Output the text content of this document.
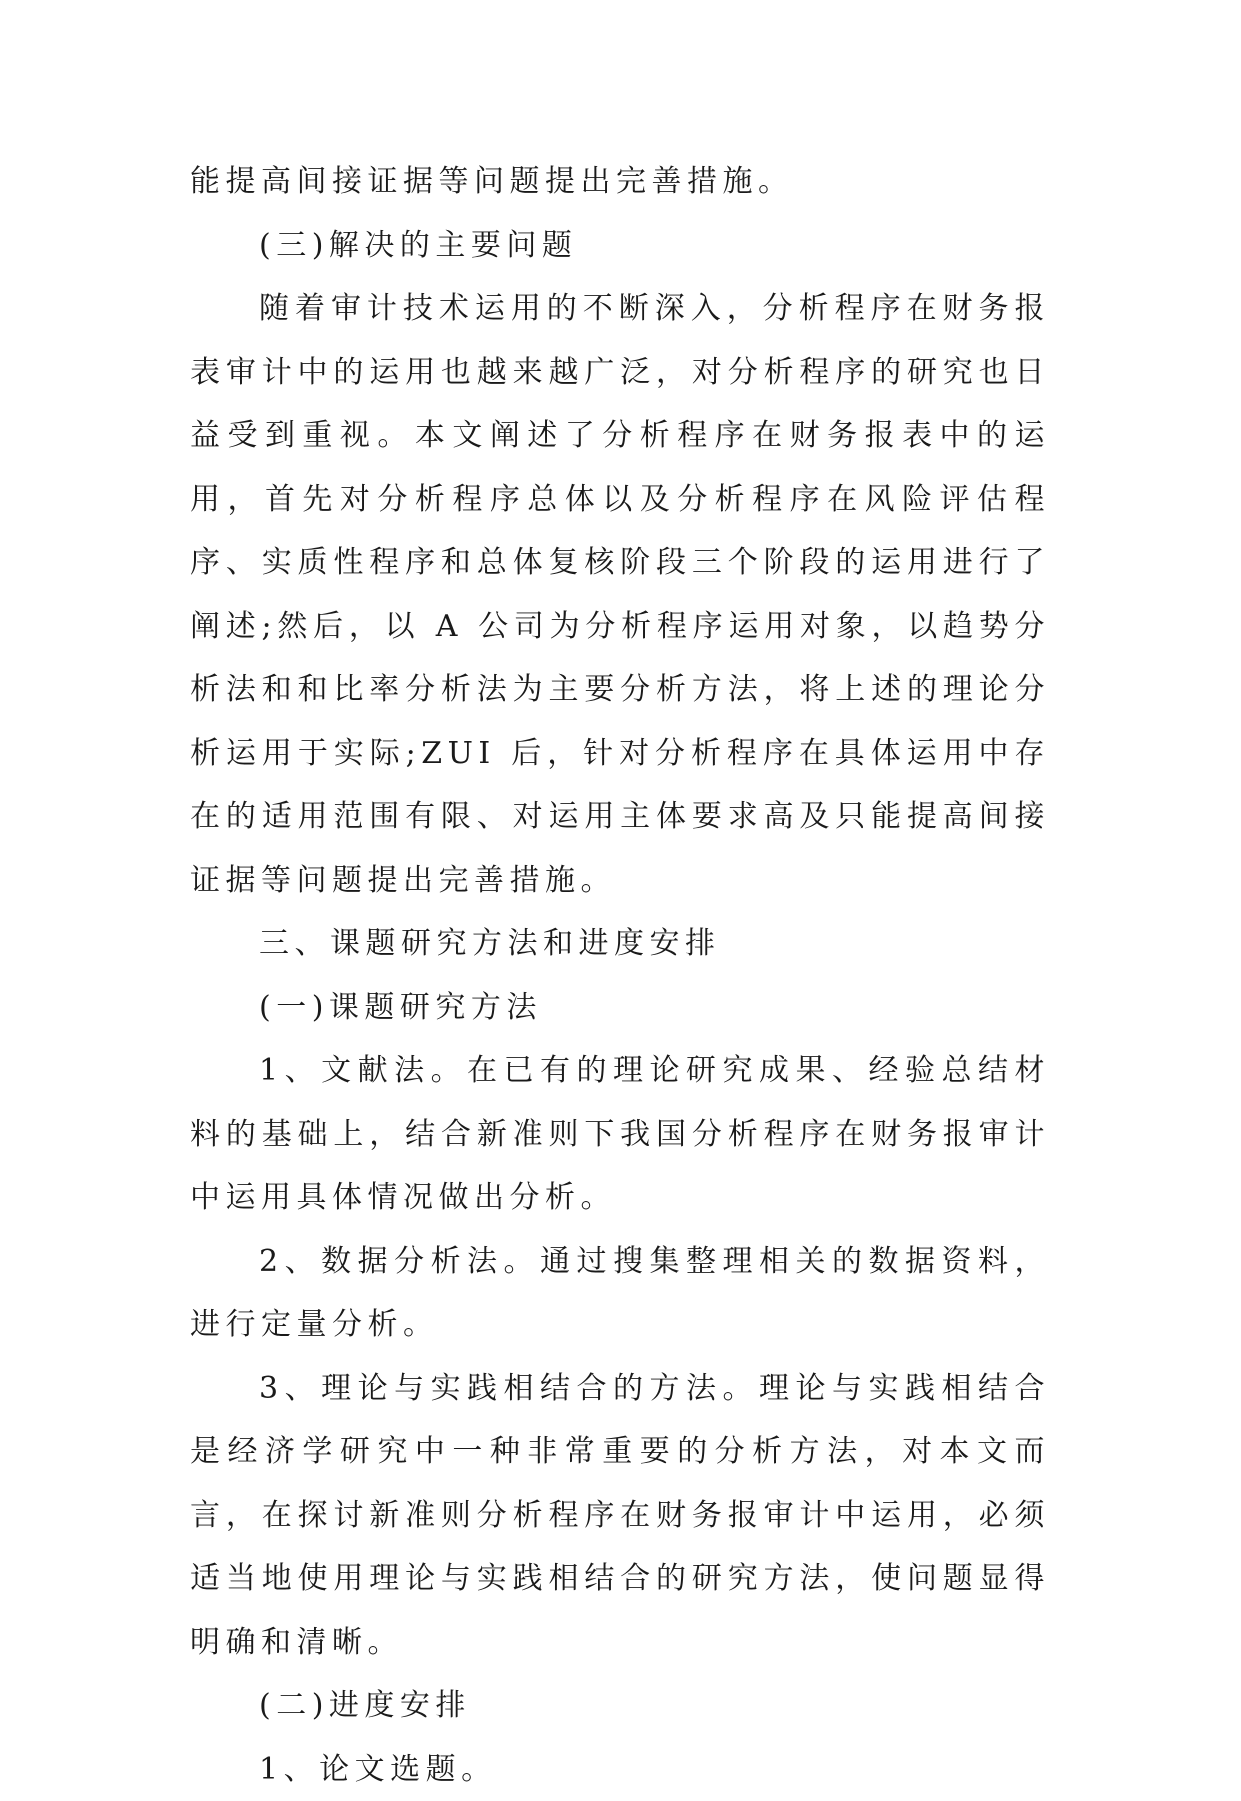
能提高间接证据等问题提出完善措施。

(三)解决的主要问题

随着审计技术运用的不断深入，分析程序在财务报表审计中的运用也越来越广泛，对分析程序的研究也日益受到重视。本文阐述了分析程序在财务报表中的运用，首先对分析程序总体以及分析程序在风险评估程序、实质性程序和总体复核阶段三个阶段的运用进行了阐述;然后，以 A 公司为分析程序运用对象，以趋势分析法和和比率分析法为主要分析方法，将上述的理论分析运用于实际;ZUI 后，针对分析程序在具体运用中存在的适用范围有限、对运用主体要求高及只能提高间接证据等问题提出完善措施。

三、课题研究方法和进度安排

(一)课题研究方法

1、文献法。在已有的理论研究成果、经验总结材料的基础上，结合新准则下我国分析程序在财务报审计中运用具体情况做出分析。

2、数据分析法。通过搜集整理相关的数据资料，进行定量分析。

3、理论与实践相结合的方法。理论与实践相结合是经济学研究中一种非常重要的分析方法，对本文而言，在探讨新准则分析程序在财务报审计中运用，必须适当地使用理论与实践相结合的研究方法，使问题显得明确和清晰。

(二)进度安排

1、论文选题。
